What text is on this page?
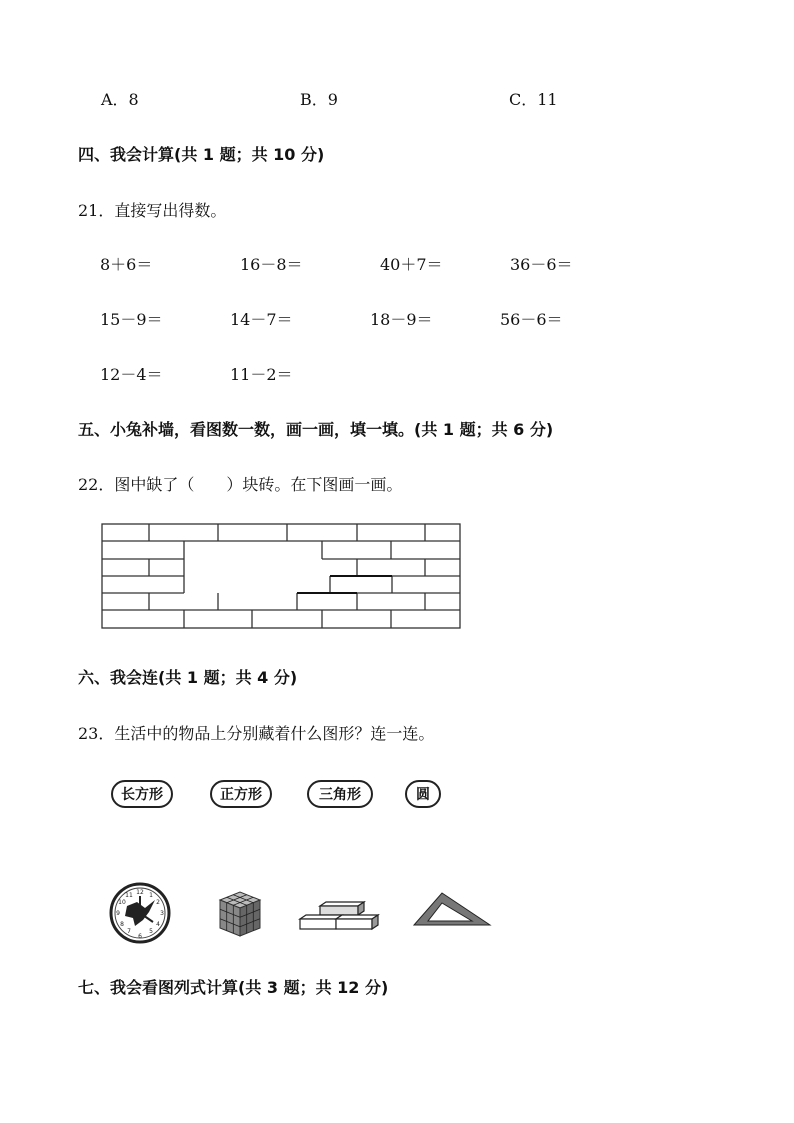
A．8	B．9	C．11
四、我会计算(共 1 题；共 10 分)
21．直接写出得数。
8＋6＝	16－8＝	40＋7＝	36－6＝
15－9＝	14－7＝	18－9＝	56－6＝
12－4＝	11－2＝
五、小兔补墙，看图数一数，画一画，填一填。(共 1 题；共 6 分)
22．图中缺了（　　）块砖。在下图画一画。
六、我会连(共 1 题；共 4 分)
23．生活中的物品上分别藏着什么图形？连一连。
长方形	正方形	三角形	圆
12
6
9	3
1
2
4
5
7
8
10
11
七、我会看图列式计算(共 3 题；共 12 分)
